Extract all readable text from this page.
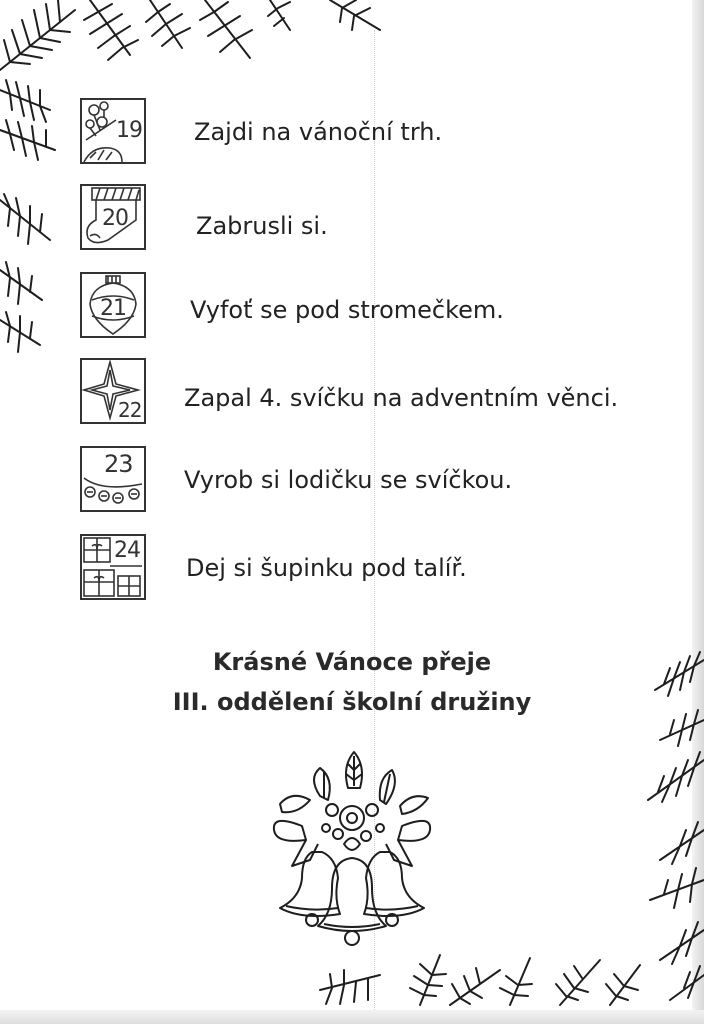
19 Zajdi na vánoční trh.
20	Zabrusli si.
21	Vyfoť se pod stromečkem.
22 Zapal 4. svíčku na adventním věnci.
23
Vyrob si lodičku se svíčkou.
24
Dej si šupinku pod talíř.
Krásné Vánoce přeje
III. oddělení školní družiny
